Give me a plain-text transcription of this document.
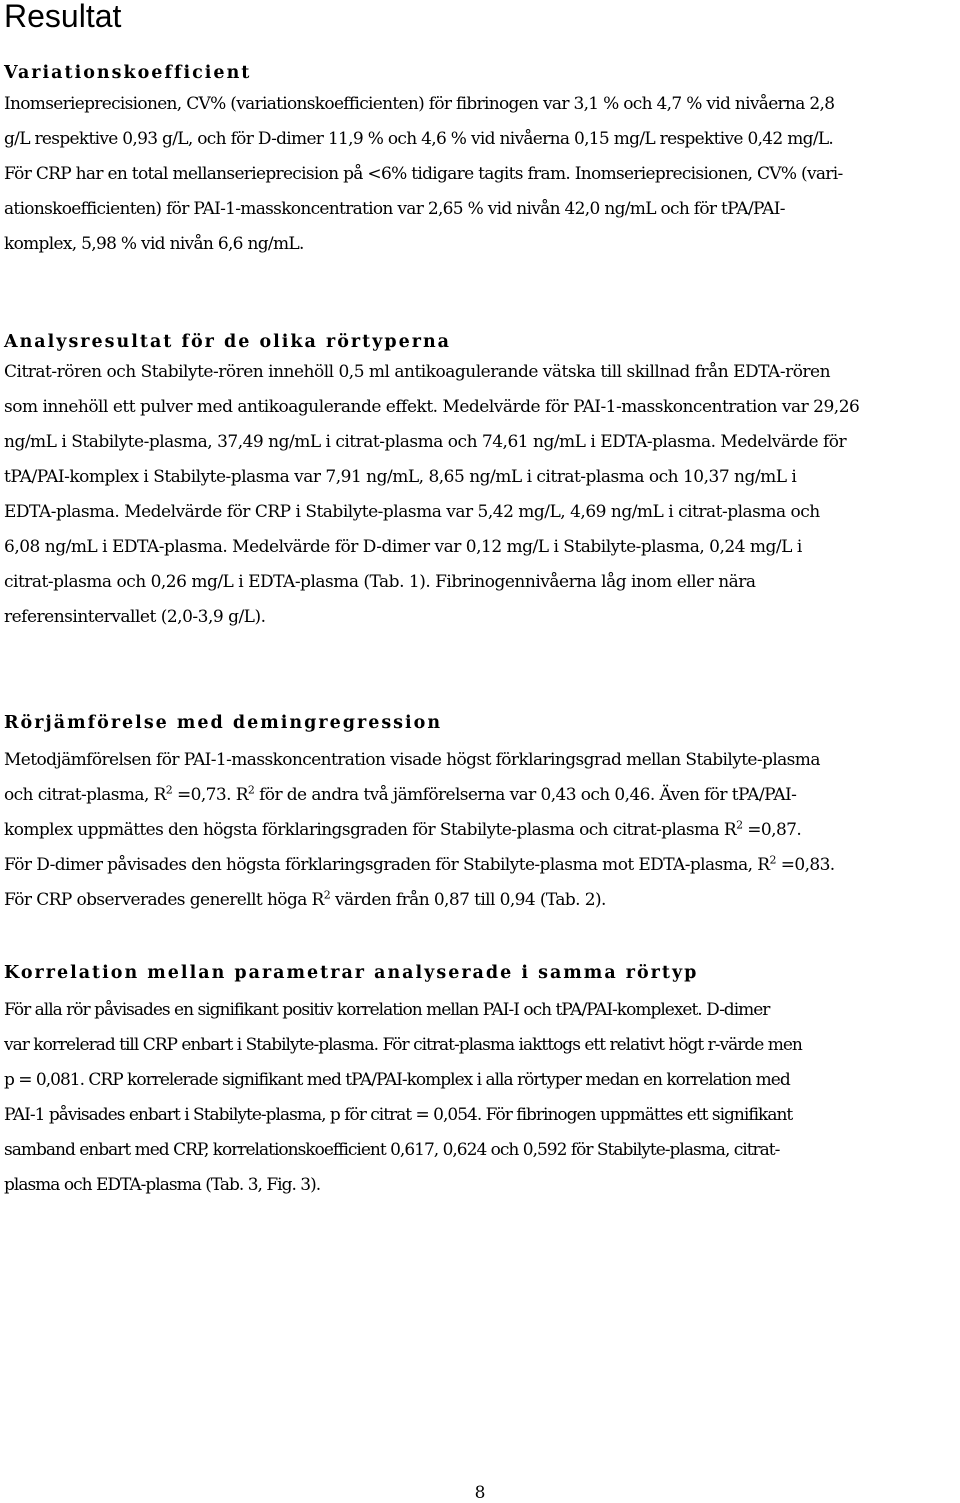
Resultat
Variationskoefficient

Inomserieprecisionen, CV% (variationskoefficienten) för fibrinogen var 3,1 % och 4,7 % vid nivåerna 2,8
g/L respektive 0,93 g/L, och för D-dimer 11,9 % och 4,6 % vid nivåerna 0,15 mg/L respektive 0,42 mg/L.
För CRP har en total mellanserieprecision på <6% tidigare tagits fram. Inomserieprecisionen, CV% (vari-
ationskoefficienten) för PAI-1-masskoncentration var 2,65 % vid nivån 42,0 ng/mL och för tPA/PAI-
komplex, 5,98 % vid nivån 6,6 ng/mL.

Analysresultat för de olika rörtyperna

Citrat-rören och Stabilyte-rören innehöll 0,5 ml antikoagulerande vätska till skillnad från EDTA-rören
som innehöll ett pulver med antikoagulerande effekt. Medelvärde för PAI-1-masskoncentration var 29,26
ng/mL i Stabilyte-plasma, 37,49 ng/mL i citrat-plasma och 74,61 ng/mL i EDTA-plasma. Medelvärde för
tPA/PAI-komplex i Stabilyte-plasma var 7,91 ng/mL, 8,65 ng/mL i citrat-plasma och 10,37 ng/mL i
EDTA-plasma. Medelvärde för CRP i Stabilyte-plasma var 5,42 mg/L, 4,69 ng/mL i citrat-plasma och
6,08 ng/mL i EDTA-plasma. Medelvärde för D-dimer var 0,12 mg/L i Stabilyte-plasma, 0,24 mg/L i
citrat-plasma och 0,26 mg/L i EDTA-plasma (Tab. 1). Fibrinogennivåerna låg inom eller nära
referensintervallet (2,0-3,9 g/L).

Rörjämförelse med demingregression

Metodjämförelsen för PAI-1-masskoncentration visade högst förklaringsgrad mellan Stabilyte-plasma
och citrat-plasma, $R^2 =0,73$. $R^2$ för de andra två jämförelserna var 0,43 och 0,46. Även för tPA/PAI-
komplex uppmättes den högsta förklaringsgraden för Stabilyte-plasma och citrat-plasma $R^2 =0,87$.
För D-dimer påvisades den högsta förklaringsgraden för Stabilyte-plasma mot EDTA-plasma, $R^2 =0,83$.
För CRP observerades generellt höga $R^2$ värden från 0,87 till 0,94 (Tab. 2).

Korrelation mellan parametrar analyserade i samma rörtyp

För alla rör påvisades en signifikant positiv korrelation mellan PAI-I och tPA/PAI-komplexet. D-dimer
var korrelerad till CRP enbart i Stabilyte-plasma. För citrat-plasma iakttogs ett relativt högt r-värde men
p = 0,081. CRP korrelerade signifikant med tPA/PAI-komplex i alla rörtyper medan en korrelation med
PAI-1 påvisades enbart i Stabilyte-plasma, p för citrat = 0,054. För fibrinogen uppmättes ett signifikant
samband enbart med CRP, korrelationskoefficient 0,617, 0,624 och 0,592 för Stabilyte-plasma, citrat-
plasma och EDTA-plasma (Tab. 3, Fig. 3).

8
